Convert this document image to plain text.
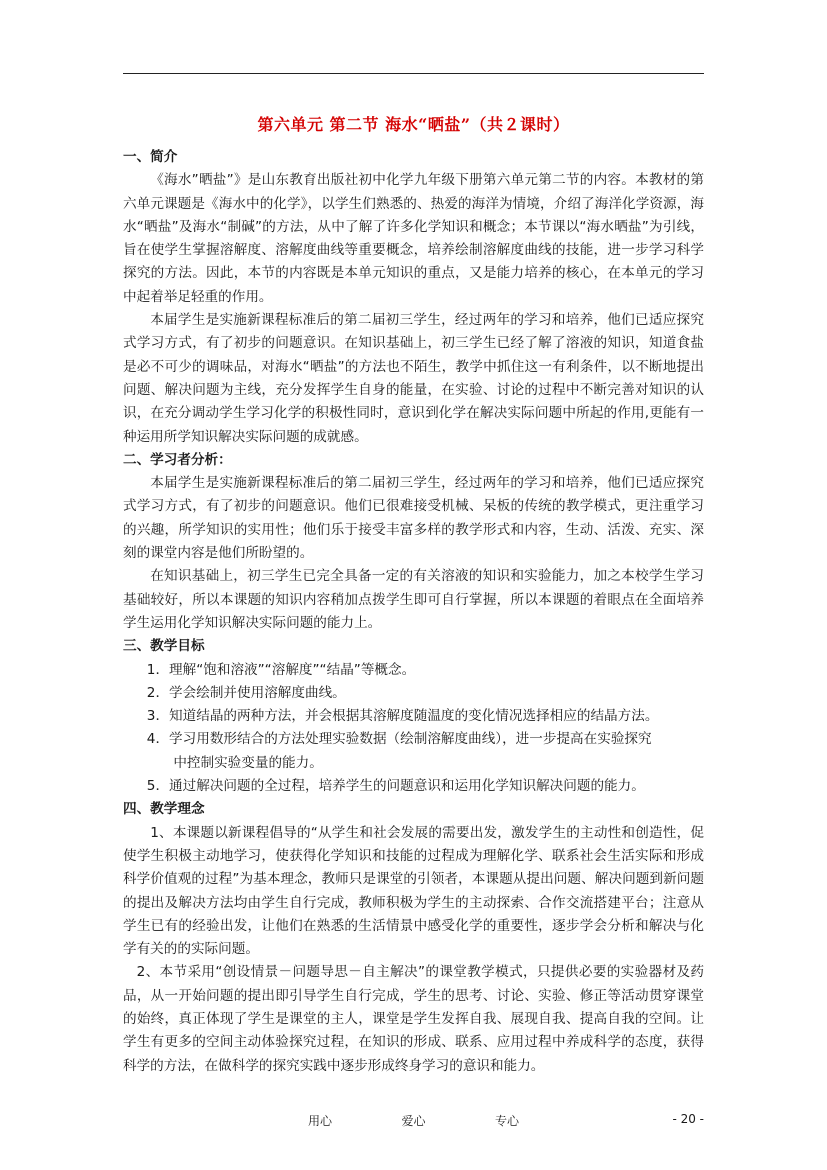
第六单元 第二节 海水“晒盐”（共２课时）

一、简介

《海水”晒盐”》是山东教育出版社初中化学九年级下册第六单元第二节的内容。本教材的第六单元课题是《海水中的化学》，以学生们熟悉的、热爱的海洋为情境，介绍了海洋化学资源，海水“晒盐”及海水“制碱”的方法，从中了解了许多化学知识和概念；本节课以“海水晒盐”为引线，旨在使学生掌握溶解度、溶解度曲线等重要概念，培养绘制溶解度曲线的技能，进一步学习科学探究的方法。因此，本节的内容既是本单元知识的重点，又是能力培养的核心，在本单元的学习中起着举足轻重的作用。

本届学生是实施新课程标准后的第二届初三学生，经过两年的学习和培养，他们已适应探究式学习方式，有了初步的问题意识。在知识基础上，初三学生已经了解了溶液的知识，知道食盐是必不可少的调味品，对海水“晒盐”的方法也不陌生，教学中抓住这一有利条件，以不断地提出问题、解决问题为主线，充分发挥学生自身的能量，在实验、讨论的过程中不断完善对知识的认识，在充分调动学生学习化学的积极性同时，意识到化学在解决实际问题中所起的作用,更能有一种运用所学知识解决实际问题的成就感。

二、学习者分析：

本届学生是实施新课程标准后的第二届初三学生，经过两年的学习和培养，他们已适应探究式学习方式，有了初步的问题意识。他们已很难接受机械、呆板的传统的教学模式，更注重学习的兴趣，所学知识的实用性；他们乐于接受丰富多样的教学形式和内容，生动、活泼、充实、深刻的课堂内容是他们所盼望的。

在知识基础上，初三学生已完全具备一定的有关溶液的知识和实验能力，加之本校学生学习基础较好，所以本课题的知识内容稍加点拨学生即可自行掌握，所以本课题的着眼点在全面培养学生运用化学知识解决实际问题的能力上。

三、教学目标

1．理解“饱和溶液”“溶解度”“结晶”等概念。

2．学会绘制并使用溶解度曲线。

3．知道结晶的两种方法，并会根据其溶解度随温度的变化情况选择相应的结晶方法。

4．学习用数形结合的方法处理实验数据（绘制溶解度曲线），进一步提高在实验探究

中控制实验变量的能力。

5．通过解决问题的全过程，培养学生的问题意识和运用化学知识解决问题的能力。

四、教学理念

1、本课题以新课程倡导的“从学生和社会发展的需要出发，激发学生的主动性和创造性，促使学生积极主动地学习，使获得化学知识和技能的过程成为理解化学、联系社会生活实际和形成科学价值观的过程”为基本理念，教师只是课堂的引领者，本课题从提出问题、解决问题到新问题的提出及解决方法均由学生自行完成，教师积极为学生的主动探索、合作交流搭建平台；注意从学生已有的经验出发，让他们在熟悉的生活情景中感受化学的重要性，逐步学会分析和解决与化学有关的的实际问题。

2、本节采用“创设情景－问题导思－自主解决”的课堂教学模式，只提供必要的实验器材及药品，从一开始问题的提出即引导学生自行完成，学生的思考、讨论、实验、修正等活动贯穿课堂的始终，真正体现了学生是课堂的主人，课堂是学生发挥自我、展现自我、提高自我的空间。让学生有更多的空间主动体验探究过程，在知识的形成、联系、应用过程中养成科学的态度，获得科学的方法，在做科学的探究实践中逐步形成终身学习的意识和能力。

用心	爱心	专心	- 20 -
